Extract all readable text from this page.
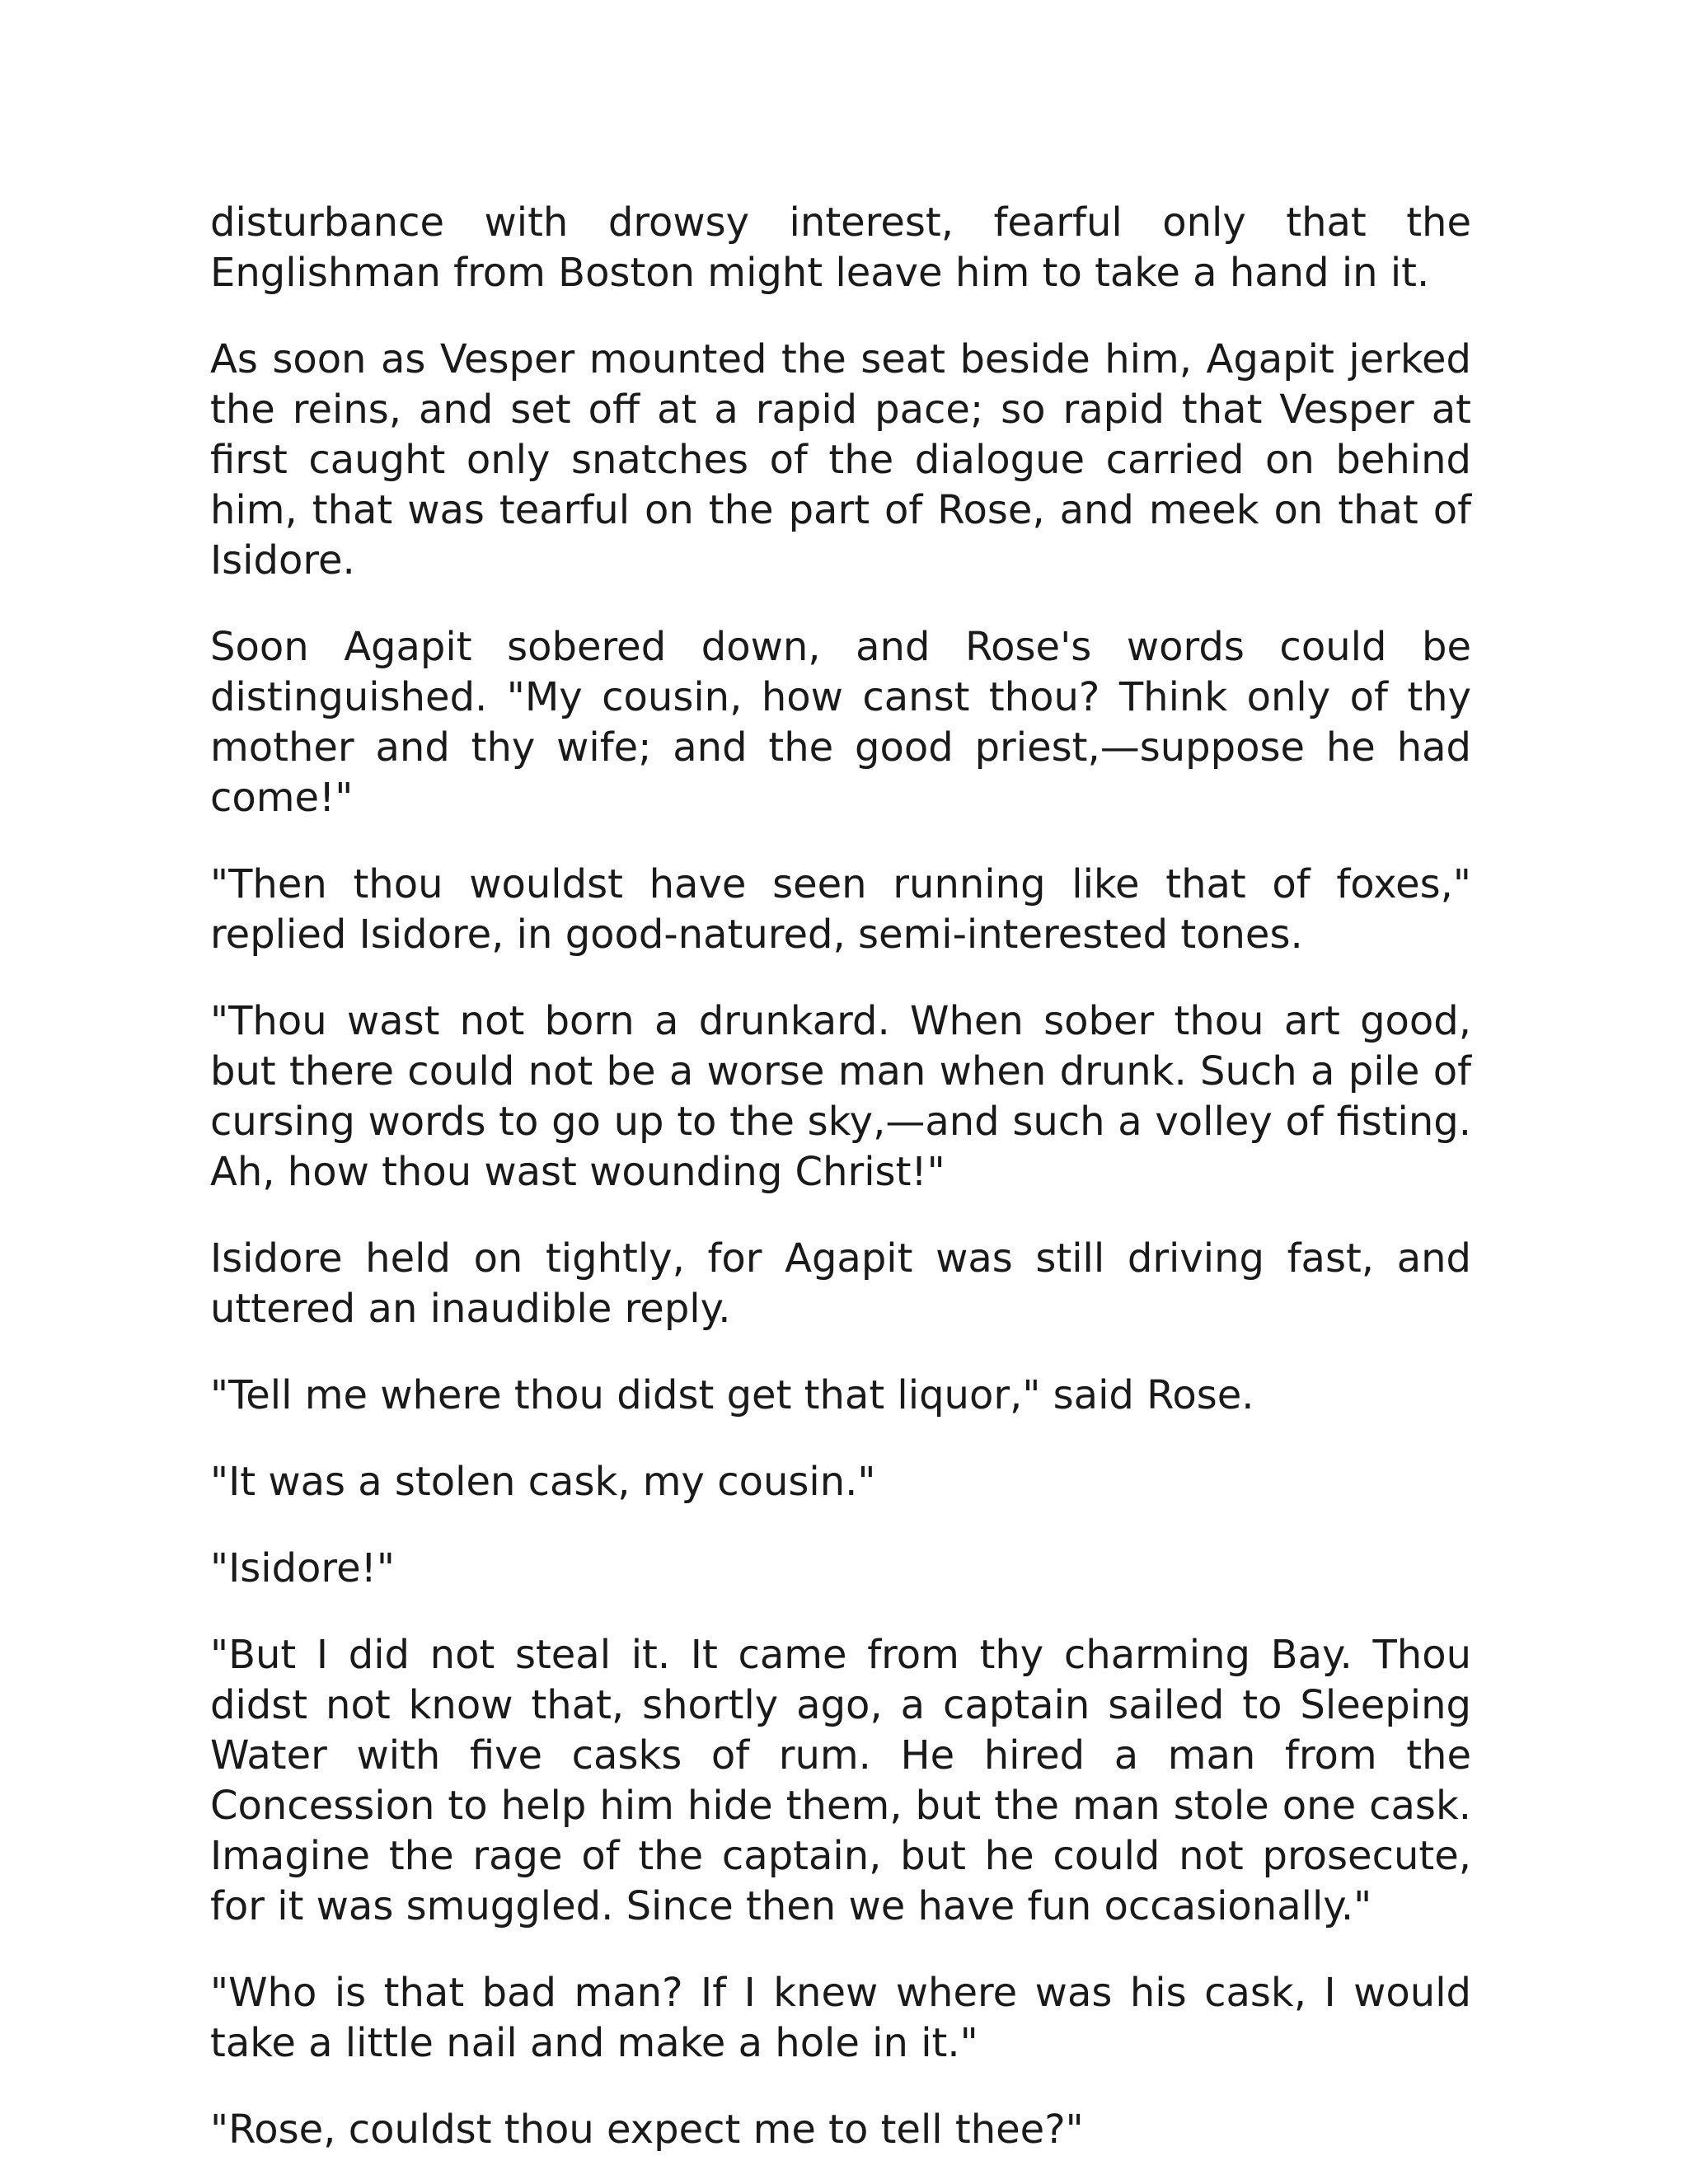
disturbance with drowsy interest, fearful only that the Englishman from Boston might leave him to take a hand in it.

As soon as Vesper mounted the seat beside him, Agapit jerked the reins, and set off at a rapid pace; so rapid that Vesper at first caught only snatches of the dialogue carried on behind him, that was tearful on the part of Rose, and meek on that of Isidore.

Soon Agapit sobered down, and Rose's words could be distinguished. "My cousin, how canst thou? Think only of thy mother and thy wife; and the good priest,—suppose he had come!"

"Then thou wouldst have seen running like that of foxes," replied Isidore, in good-natured, semi-interested tones.

"Thou wast not born a drunkard. When sober thou art good, but there could not be a worse man when drunk. Such a pile of cursing words to go up to the sky,—and such a volley of fisting. Ah, how thou wast wounding Christ!"

Isidore held on tightly, for Agapit was still driving fast, and uttered an inaudible reply.

"Tell me where thou didst get that liquor," said Rose.

"It was a stolen cask, my cousin."

"Isidore!"

"But I did not steal it. It came from thy charming Bay. Thou didst not know that, shortly ago, a captain sailed to Sleeping Water with five casks of rum. He hired a man from the Concession to help him hide them, but the man stole one cask. Imagine the rage of the captain, but he could not prosecute, for it was smuggled. Since then we have fun occasionally."

"Who is that bad man? If I knew where was his cask, I would take a little nail and make a hole in it."

"Rose, couldst thou expect me to tell thee?"
